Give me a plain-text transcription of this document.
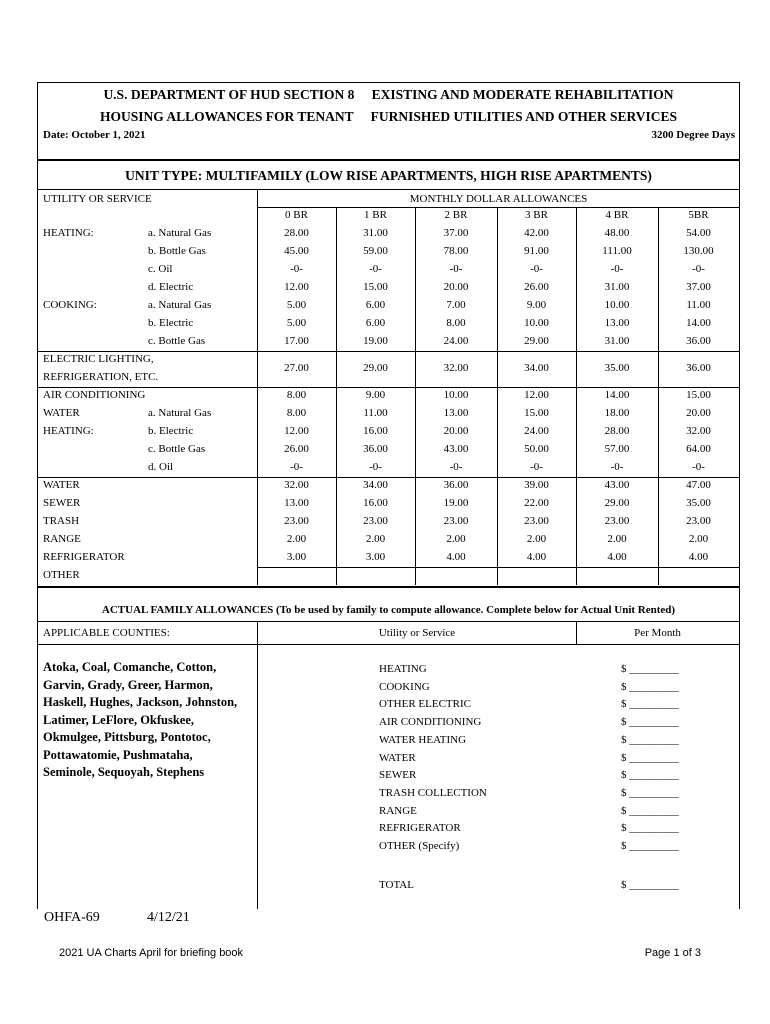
U.S. DEPARTMENT OF HUD SECTION 8   EXISTING AND MODERATE REHABILITATION
HOUSING ALLOWANCES FOR TENANT   FURNISHED UTILITIES AND OTHER SERVICES
Date: October 1, 2021	3200 Degree Days
UNIT TYPE: MULTIFAMILY (LOW RISE APARTMENTS, HIGH RISE APARTMENTS)
UTILITY OR SERVICE	MONTHLY DOLLAR ALLOWANCES
0 BR	1 BR	2 BR	3 BR	4 BR	5BR
HEATING:	a. Natural Gas	28.00	31.00	37.00	42.00	48.00	54.00
b. Bottle Gas	45.00	59.00	78.00	91.00	111.00	130.00
c. Oil	-0-	-0-	-0-	-0-	-0-	-0-
d. Electric	12.00	15.00	20.00	26.00	31.00	37.00
COOKING:	a. Natural Gas	5.00	6.00	7.00	9.00	10.00	11.00
b. Electric	5.00	6.00	8.00	10.00	13.00	14.00
c. Bottle Gas	17.00	19.00	24.00	29.00	31.00	36.00
ELECTRIC LIGHTING,
REFRIGERATION, ETC.
27.00	29.00	32.00	34.00	35.00	36.00
AIR CONDITIONING	8.00	9.00	10.00	12.00	14.00	15.00
WATER	a. Natural Gas	8.00	11.00	13.00	15.00	18.00	20.00
HEATING:	b. Electric	12.00	16.00	20.00	24.00	28.00	32.00
c. Bottle Gas	26.00	36.00	43.00	50.00	57.00	64.00
d. Oil	-0-	-0-	-0-	-0-	-0-	-0-
WATER	32.00	34.00	36.00	39.00	43.00	47.00
SEWER	13.00	16.00	19.00	22.00	29.00	35.00
TRASH	23.00	23.00	23.00	23.00	23.00	23.00
RANGE	2.00	2.00	2.00	2.00	2.00	2.00
REFRIGERATOR	3.00	3.00	4.00	4.00	4.00	4.00
OTHER
ACTUAL FAMILY ALLOWANCES (To be used by family to compute allowance. Complete below for Actual Unit Rented)
APPLICABLE COUNTIES:	Utility or Service	Per Month
Atoka, Coal, Comanche, Cotton,
Garvin, Grady, Greer, Harmon,
Haskell, Hughes, Jackson, Johnston,
Latimer, LeFlore, Okfuskee,
Okmulgee, Pittsburg, Pontotoc,
Pottawatomie, Pushmataha,
Seminole, Sequoyah, Stephens
HEATING	$ _________
COOKING	$ _________
OTHER ELECTRIC	$ _________
AIR CONDITIONING	$ _________
WATER HEATING	$ _________
WATER	$ _________
SEWER	$ _________
TRASH COLLECTION	$ _________
RANGE	$ _________
REFRIGERATOR	$ _________
OTHER (Specify)	$ _________
TOTAL	$ _________
OHFA-69	4/12/21
2021 UA Charts April for briefing book	Page 1 of 3
